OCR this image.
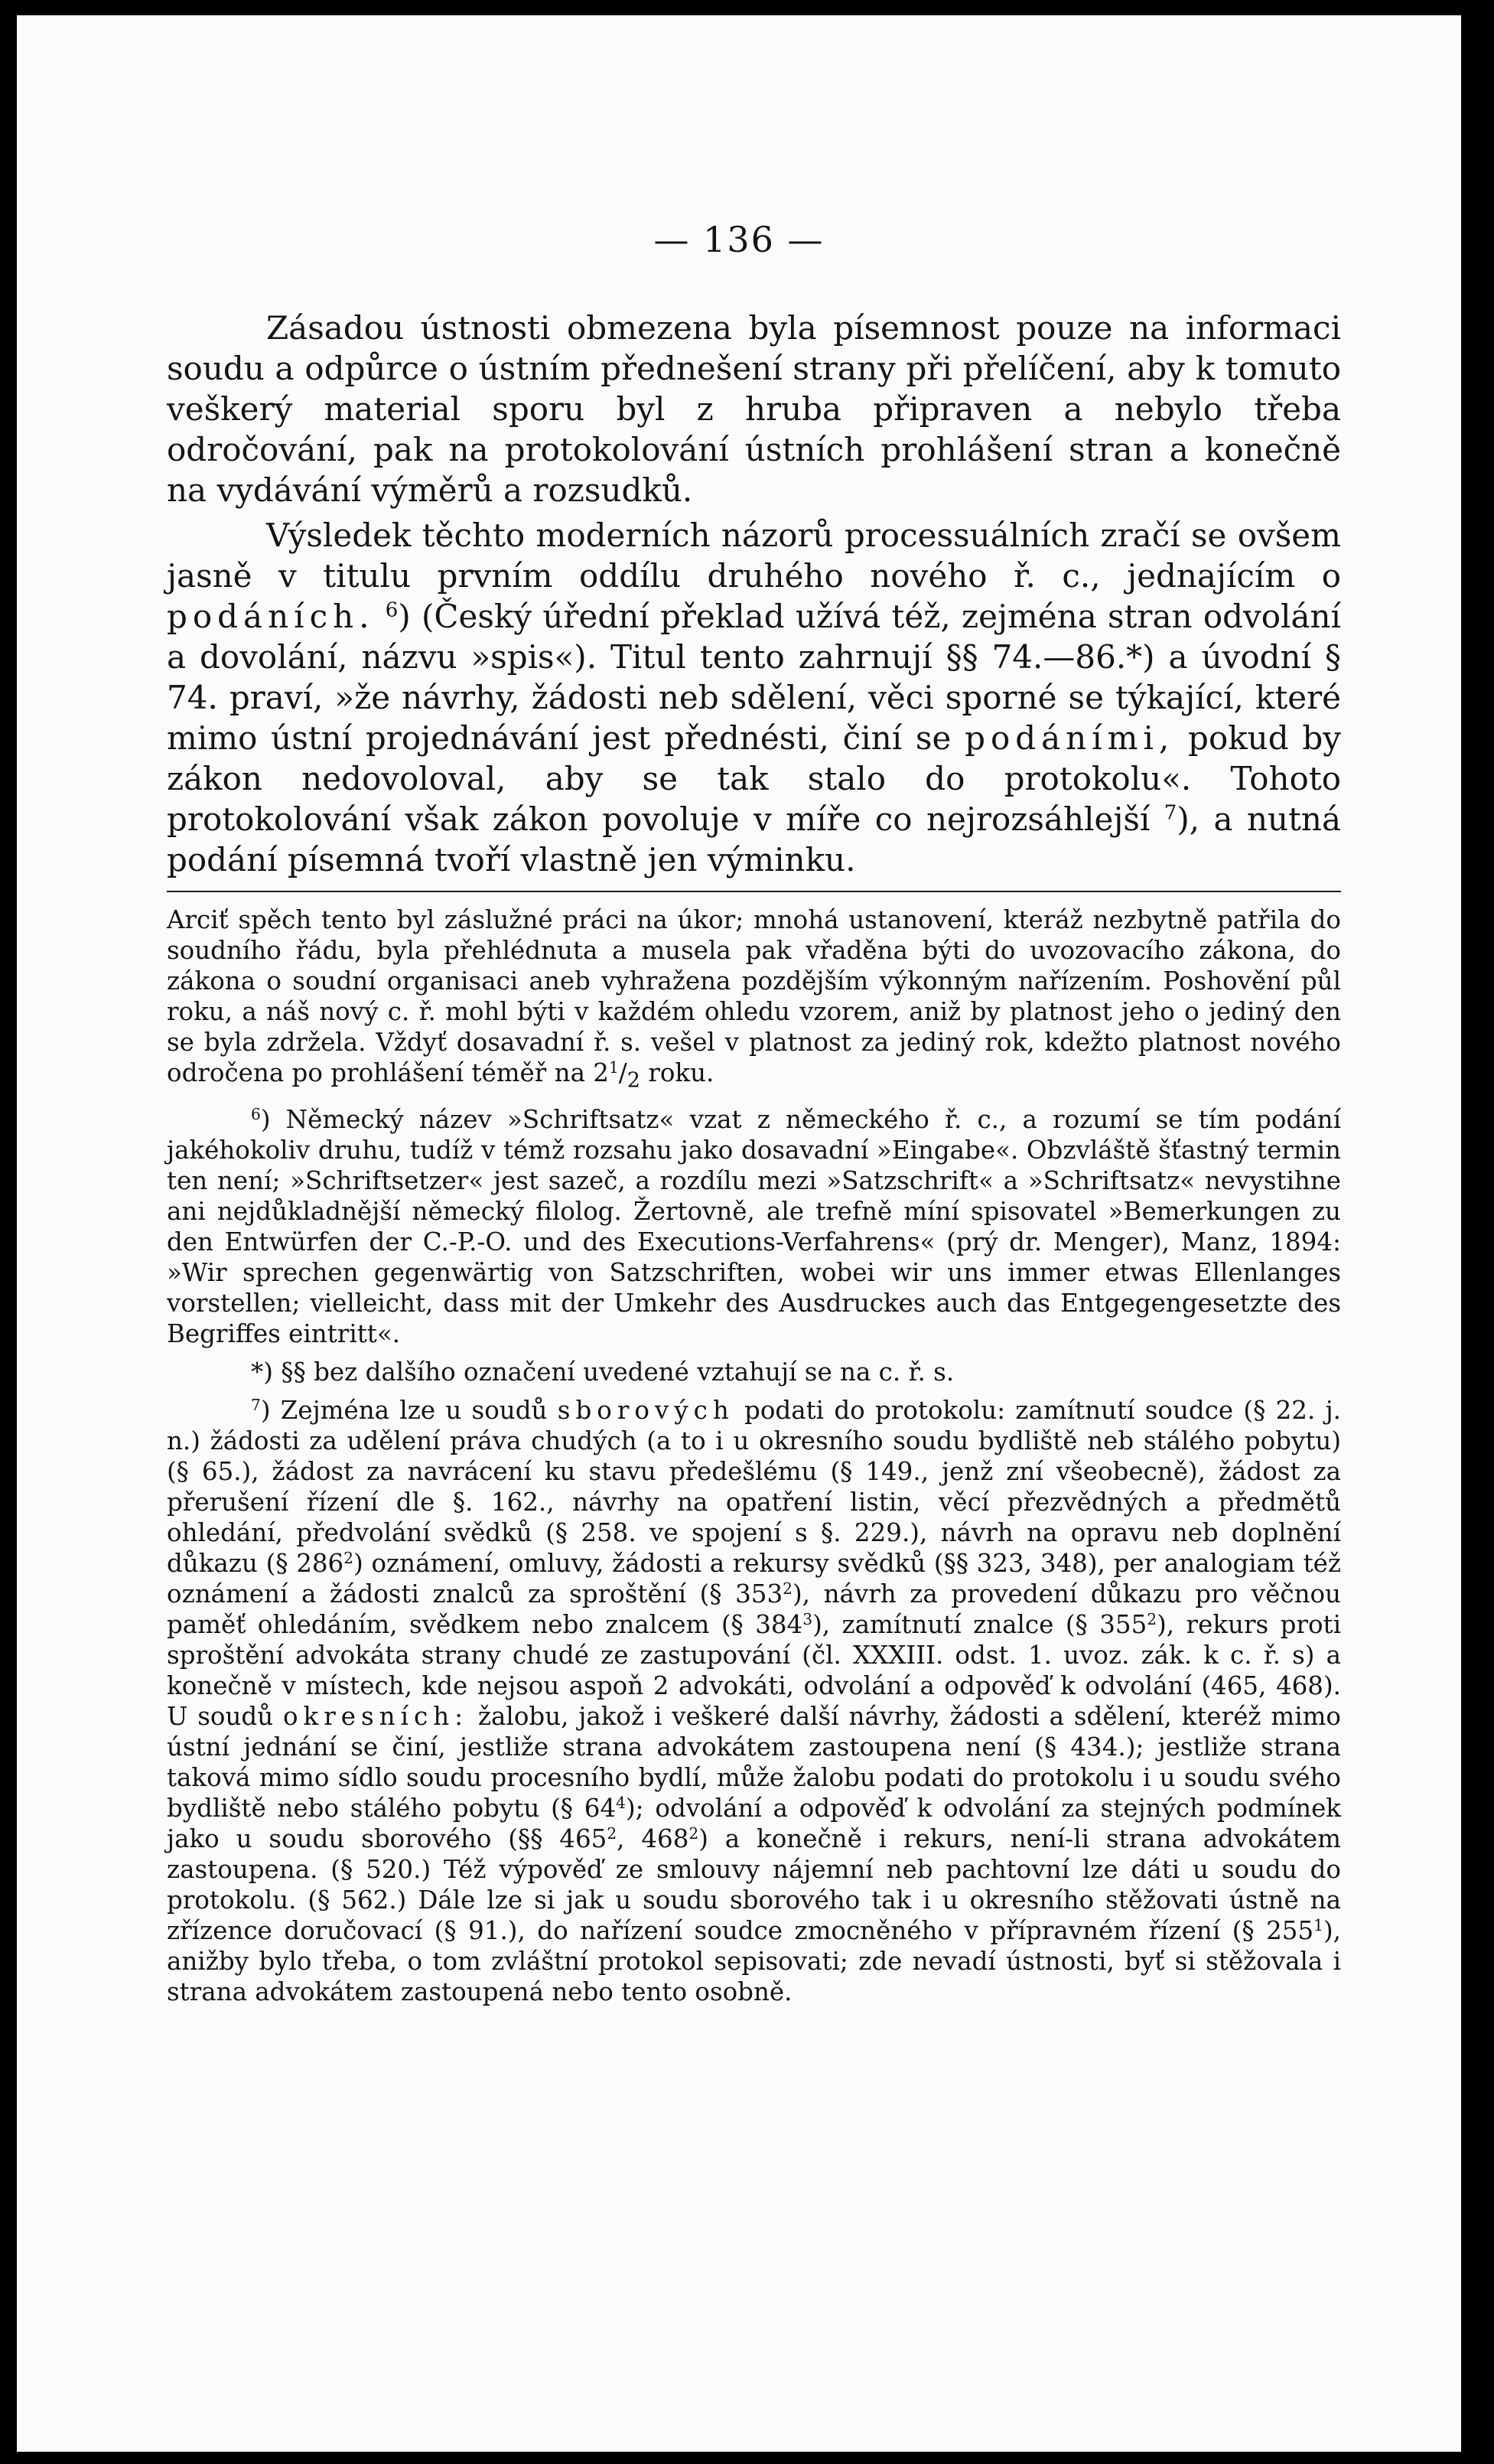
— 136 —

Zásadou ústnosti obmezena byla písemnost pouze na informaci soudu a odpůrce o ústním přednešení strany při přelíčení, aby k tomuto veškerý material sporu byl z hruba připraven a nebylo třeba odročování, pak na protokolování ústních prohlášení stran a konečně na vydávání výměrů a rozsudků.

Výsledek těchto moderních názorů processuálních zračí se ovšem jasně v titulu prvním oddílu druhého nového ř. c., jednajícím o podáních. $^6$) (Český úřední překlad užívá též, zejména stran odvolání a dovolání, názvu »spis«). Titul tento zahrnují §§ 74.—86.*) a úvodní § 74. praví, »že návrhy, žádosti neb sdělení, věci sporné se týkající, které mimo ústní projednávání jest přednésti, činí se podáními, pokud by zákon nedovoloval, aby se tak stalo do protokolu«. Tohoto protokolování však zákon povoluje v míře co nejrozsáhlejší $^7$), a nutná podání písemná tvoří vlastně jen výminku.

Arciť spěch tento byl záslužné práci na úkor; mnohá ustanovení, kteráž nezbytně patřila do soudního řádu, byla přehlédnuta a musela pak vřaděna býti do uvozovacího zákona, do zákona o soudní organisaci aneb vyhražena pozdějším výkonným nařízením. Poshovění půl roku, a náš nový c. ř. mohl býti v každém ohledu vzorem, aniž by platnost jeho o jediný den se byla zdržela. Vždyť dosavadní ř. s. vešel v platnost za jediný rok, kdežto platnost nového odročena po prohlášení téměř na $2^1/_2$ roku.

$^6$) Německý název »Schriftsatz« vzat z německého ř. c., a rozumí se tím podání jakéhokoliv druhu, tudíž v témž rozsahu jako dosavadní »Eingabe«. Obzvláště šťastný termin ten není; »Schriftsetzer« jest sazeč, a rozdílu mezi »Satzschrift« a »Schriftsatz« nevystihne ani nejdůkladnější německý filolog. Žertovně, ale trefně míní spisovatel »Bemerkungen zu den Entwürfen der C.-P.-O. und des Executions-Verfahrens« (prý dr. Menger), Manz, 1894: »Wir sprechen gegenwärtig von Satzschriften, wobei wir uns immer etwas Ellenlanges vorstellen; vielleicht, dass mit der Umkehr des Ausdruckes auch das Entgegengesetzte des Begriffes eintritt«.

*) §§ bez dalšího označení uvedené vztahují se na c. ř. s.

$^7$) Zejména lze u soudů sborových podati do protokolu: zamítnutí soudce (§ 22. j. n.) žádosti za udělení práva chudých (a to i u okresního soudu bydliště neb stálého pobytu) (§ 65.), žádost za navrácení ku stavu předešlému (§ 149., jenž zní všeobecně), žádost za přerušení řízení dle §. 162., návrhy na opatření listin, věcí přezvědných a předmětů ohledání, předvolání svědků (§ 258. ve spojení s §. 229.), návrh na opravu neb doplnění důkazu (§ $286^2$) oznámení, omluvy, žádosti a rekursy svědků (§§ 323, 348), per analogiam též oznámení a žádosti znalců za sproštění (§ $353^2$), návrh za provedení důkazu pro věčnou paměť ohledáním, svědkem nebo znalcem (§ $384^3$), zamítnutí znalce (§ $355^2$), rekurs proti sproštění advokáta strany chudé ze zastupování (čl. XXXIII. odst. 1. uvoz. zák. k c. ř. s) a konečně v místech, kde nejsou aspoň 2 advokáti, odvolání a odpověď k odvolání (465, 468). U soudů okresních: žalobu, jakož i veškeré další návrhy, žádosti a sdělení, kteréž mimo ústní jednání se činí, jestliže strana advokátem zastoupena není (§ 434.); jestliže strana taková mimo sídlo soudu procesního bydlí, může žalobu podati do protokolu i u soudu svého bydliště nebo stálého pobytu (§ $64^4$); odvolání a odpověď k odvolání za stejných podmínek jako u soudu sborového (§§ $465^2$, $468^2$) a konečně i rekurs, není-li strana advokátem zastoupena. (§ 520.) Též výpověď ze smlouvy nájemní neb pachtovní lze dáti u soudu do protokolu. (§ 562.) Dále lze si jak u soudu sborového tak i u okresního stěžovati ústně na zřízence doručovací (§ 91.), do nařízení soudce zmocněného v přípravném řízení (§ $255^1$), anižby bylo třeba, o tom zvláštní protokol sepisovati; zde nevadí ústnosti, byť si stěžovala i strana advokátem zastoupená nebo tento osobně.
